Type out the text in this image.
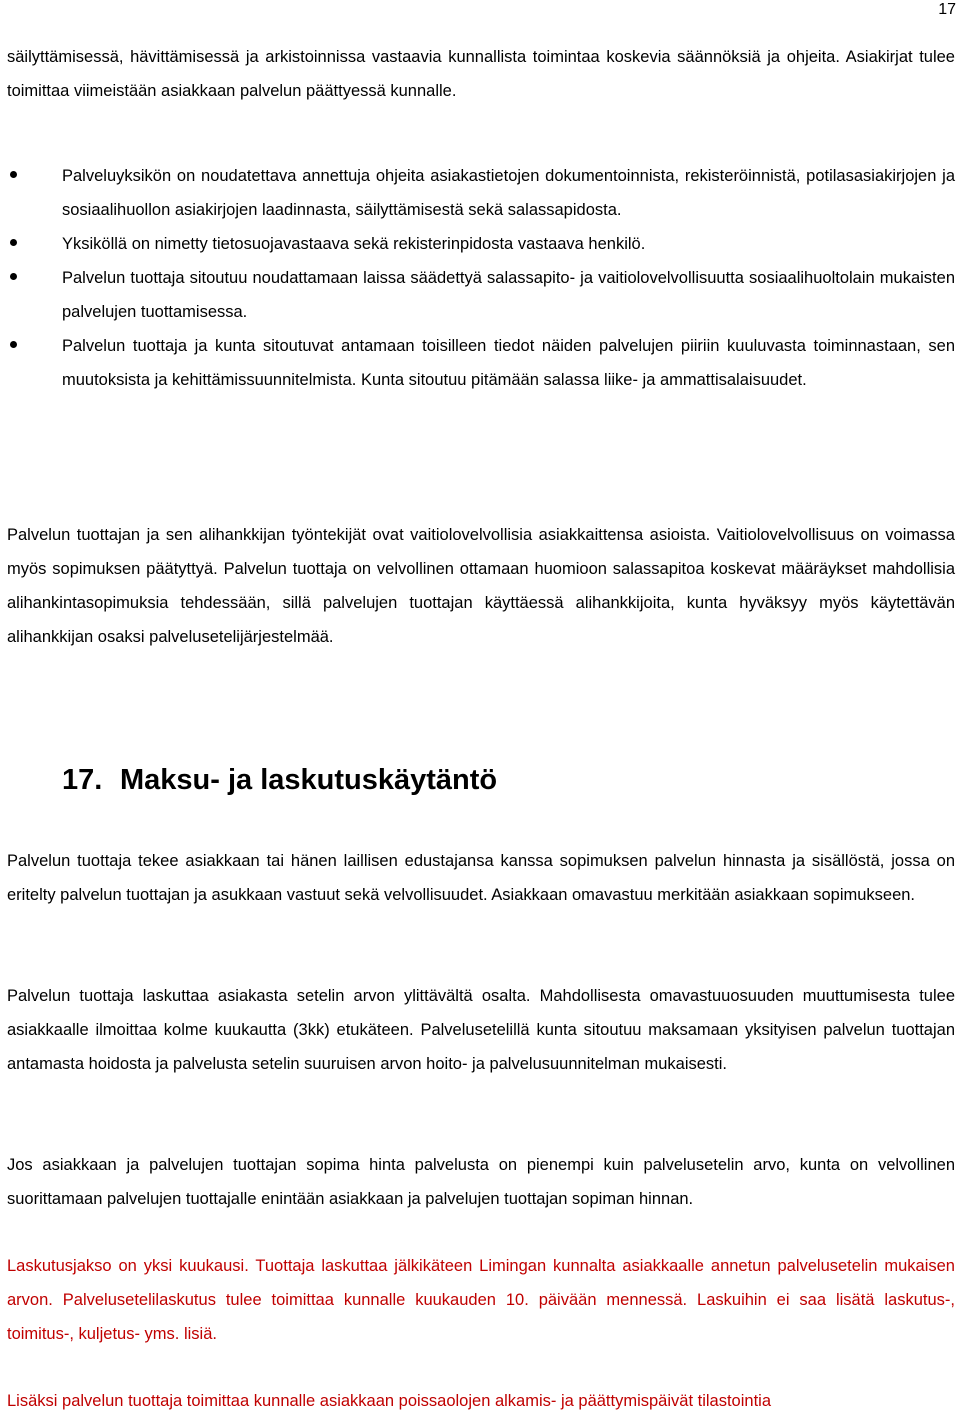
17

säilyttämisessä, hävittämisessä ja arkistoinnissa vastaavia kunnallista toimintaa koskevia säännöksiä ja ohjeita. Asiakirjat tulee toimittaa viimeistään asiakkaan palvelun päättyessä kunnalle.

Palveluyksikön on noudatettava annettuja ohjeita asiakastietojen dokumentoinnista, rekisteröinnistä, potilasasiakirjojen ja sosiaalihuollon asiakirjojen laadinnasta, säilyttämisestä sekä salassapidosta.
Yksiköllä on nimetty tietosuojavastaava sekä rekisterinpidosta vastaava henkilö.
Palvelun tuottaja sitoutuu noudattamaan laissa säädettyä salassapito- ja vaitiolovelvollisuutta sosiaalihuoltolain mukaisten palvelujen tuottamisessa.
Palvelun tuottaja ja kunta sitoutuvat antamaan toisilleen tiedot näiden palvelujen piiriin kuuluvasta toiminnastaan, sen muutoksista ja kehittämissuunnitelmista. Kunta sitoutuu pitämään salassa liike- ja ammattisalaisuudet.

Palvelun tuottajan ja sen alihankkijan työntekijät ovat vaitiolovelvollisia asiakkaittensa asioista. Vaitiolovelvollisuus on voimassa myös sopimuksen päätyttyä. Palvelun tuottaja on velvollinen ottamaan huomioon salassapitoa koskevat määräykset mahdollisia alihankintasopimuksia tehdessään, sillä palvelujen tuottajan käyttäessä alihankkijoita, kunta hyväksyy myös käytettävän alihankkijan osaksi palvelusetelijärjestelmää.

17. Maksu- ja laskutuskäytäntö

Palvelun tuottaja tekee asiakkaan tai hänen laillisen edustajansa kanssa sopimuksen palvelun hinnasta ja sisällöstä, jossa on eritelty palvelun tuottajan ja asukkaan vastuut sekä velvollisuudet. Asiakkaan omavastuu merkitään asiakkaan sopimukseen.

Palvelun tuottaja laskuttaa asiakasta setelin arvon ylittävältä osalta. Mahdollisesta omavastuuosuuden muuttumisesta tulee asiakkaalle ilmoittaa kolme kuukautta (3kk) etukäteen. Palvelusetelillä kunta sitoutuu maksamaan yksityisen palvelun tuottajan antamasta hoidosta ja palvelusta setelin suuruisen arvon hoito- ja palvelusuunnitelman mukaisesti.

Jos asiakkaan ja palvelujen tuottajan sopima hinta palvelusta on pienempi kuin palvelusetelin arvo, kunta on velvollinen suorittamaan palvelujen tuottajalle enintään asiakkaan ja palvelujen tuottajan sopiman hinnan.

Laskutusjakso on yksi kuukausi. Tuottaja laskuttaa jälkikäteen Limingan kunnalta asiakkaalle annetun palvelusetelin mukaisen arvon. Palvelusetelilaskutus tulee toimittaa kunnalle kuukauden 10. päivään mennessä. Laskuihin ei saa lisätä laskutus-, toimitus-, kuljetus- yms. lisiä.

Lisäksi palvelun tuottaja toimittaa kunnalle asiakkaan poissaolojen alkamis- ja päättymispäivät tilastointia
